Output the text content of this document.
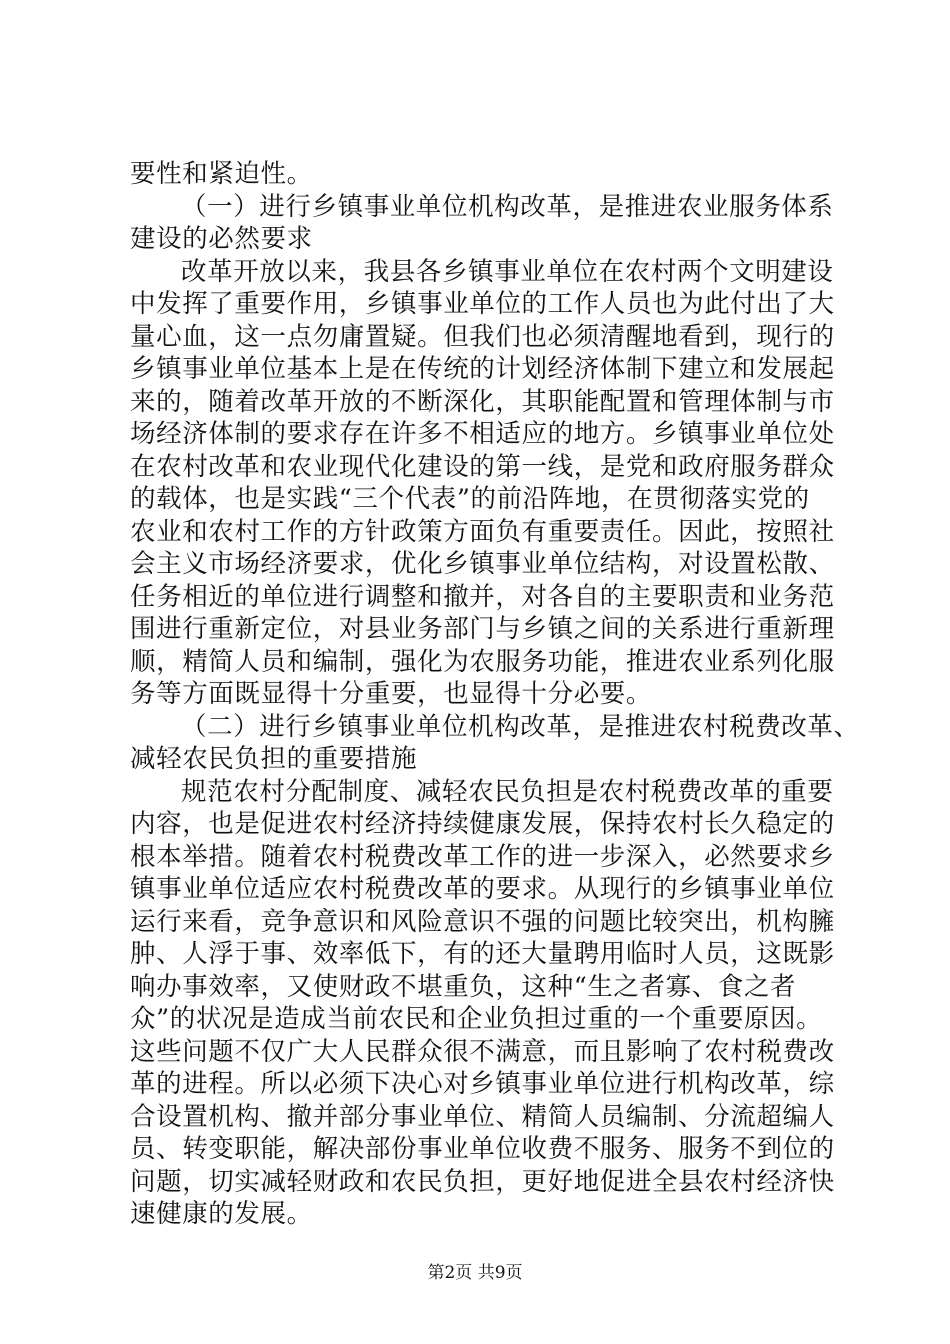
要性和紧迫性。
（一）进行乡镇事业单位机构改革，是推进农业服务体系
建设的必然要求
改革开放以来，我县各乡镇事业单位在农村两个文明建设
中发挥了重要作用，乡镇事业单位的工作人员也为此付出了大
量心血，这一点勿庸置疑。但我们也必须清醒地看到，现行的
乡镇事业单位基本上是在传统的计划经济体制下建立和发展起
来的，随着改革开放的不断深化，其职能配置和管理体制与市
场经济体制的要求存在许多不相适应的地方。乡镇事业单位处
在农村改革和农业现代化建设的第一线，是党和政府服务群众
的载体，也是实践“三个代表”的前沿阵地，在贯彻落实党的
农业和农村工作的方针政策方面负有重要责任。因此，按照社
会主义市场经济要求，优化乡镇事业单位结构，对设置松散、
任务相近的单位进行调整和撤并，对各自的主要职责和业务范
围进行重新定位，对县业务部门与乡镇之间的关系进行重新理
顺，精简人员和编制，强化为农服务功能，推进农业系列化服
务等方面既显得十分重要，也显得十分必要。
（二）进行乡镇事业单位机构改革，是推进农村税费改革、
减轻农民负担的重要措施
规范农村分配制度、减轻农民负担是农村税费改革的重要
内容，也是促进农村经济持续健康发展，保持农村长久稳定的
根本举措。随着农村税费改革工作的进一步深入，必然要求乡
镇事业单位适应农村税费改革的要求。从现行的乡镇事业单位
运行来看，竞争意识和风险意识不强的问题比较突出，机构臃
肿、人浮于事、效率低下，有的还大量聘用临时人员，这既影
响办事效率，又使财政不堪重负，这种“生之者寡、食之者
众”的状况是造成当前农民和企业负担过重的一个重要原因。
这些问题不仅广大人民群众很不满意，而且影响了农村税费改
革的进程。所以必须下决心对乡镇事业单位进行机构改革，综
合设置机构、撤并部分事业单位、精简人员编制、分流超编人
员、转变职能，解决部份事业单位收费不服务、服务不到位的
问题，切实减轻财政和农民负担，更好地促进全县农村经济快
速健康的发展。
第2页 共9页
